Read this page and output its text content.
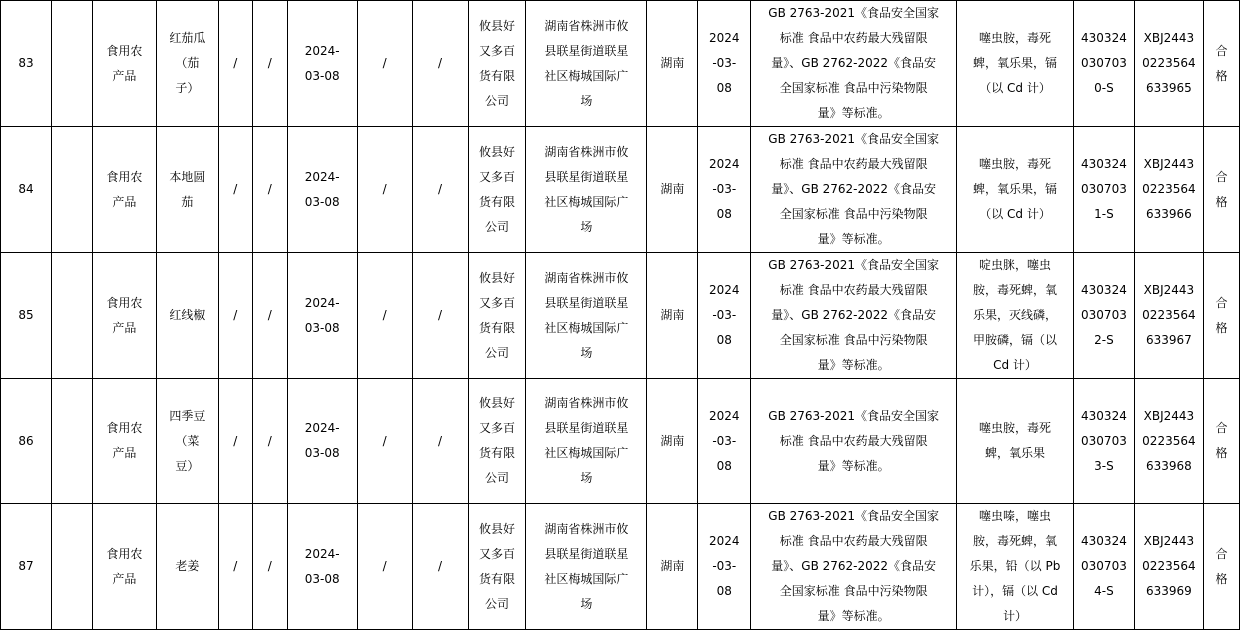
83		食用农
产品	红茄瓜
（茄
子）	/	/	2024-
03-08	/	/	攸县好
又多百
货有限
公司	湖南省株洲市攸
县联星街道联星
社区梅城国际广
场	湖南	2024
-03-
08	GB 2763-2021《食品安全国家
标准 食品中农药最大残留限
量》、GB 2762-2022《食品安
全国家标准 食品中污染物限
量》等标准。	噻虫胺，毒死
蜱，氧乐果，镉
（以 Cd 计）	430324
030703
0-S	XBJ2443
0223564
633965	合
格

84		食用农
产品	本地圆
茄	/	/	2024-
03-08	/	/	攸县好
又多百
货有限
公司	湖南省株洲市攸
县联星街道联星
社区梅城国际广
场	湖南	2024
-03-
08	GB 2763-2021《食品安全国家
标准 食品中农药最大残留限
量》、GB 2762-2022《食品安
全国家标准 食品中污染物限
量》等标准。	噻虫胺，毒死
蜱，氧乐果，镉
（以 Cd 计）	430324
030703
1-S	XBJ2443
0223564
633966	合
格

85		食用农
产品	红线椒	/	/	2024-
03-08	/	/	攸县好
又多百
货有限
公司	湖南省株洲市攸
县联星街道联星
社区梅城国际广
场	湖南	2024
-03-
08	GB 2763-2021《食品安全国家
标准 食品中农药最大残留限
量》、GB 2762-2022《食品安
全国家标准 食品中污染物限
量》等标准。	啶虫脒，噻虫
胺，毒死蜱，氧
乐果，灭线磷，
甲胺磷，镉（以
Cd 计）	430324
030703
2-S	XBJ2443
0223564
633967	合
格

86		食用农
产品	四季豆
（菜
豆）	/	/	2024-
03-08	/	/	攸县好
又多百
货有限
公司	湖南省株洲市攸
县联星街道联星
社区梅城国际广
场	湖南	2024
-03-
08	GB 2763-2021《食品安全国家
标准 食品中农药最大残留限
量》等标准。	噻虫胺，毒死
蜱，氧乐果	430324
030703
3-S	XBJ2443
0223564
633968	合
格

87		食用农
产品	老姜	/	/	2024-
03-08	/	/	攸县好
又多百
货有限
公司	湖南省株洲市攸
县联星街道联星
社区梅城国际广
场	湖南	2024
-03-
08	GB 2763-2021《食品安全国家
标准 食品中农药最大残留限
量》、GB 2762-2022《食品安
全国家标准 食品中污染物限
量》等标准。	噻虫嗪，噻虫
胺，毒死蜱，氧
乐果，铅（以 Pb
计），镉（以 Cd
计）	430324
030703
4-S	XBJ2443
0223564
633969	合
格
